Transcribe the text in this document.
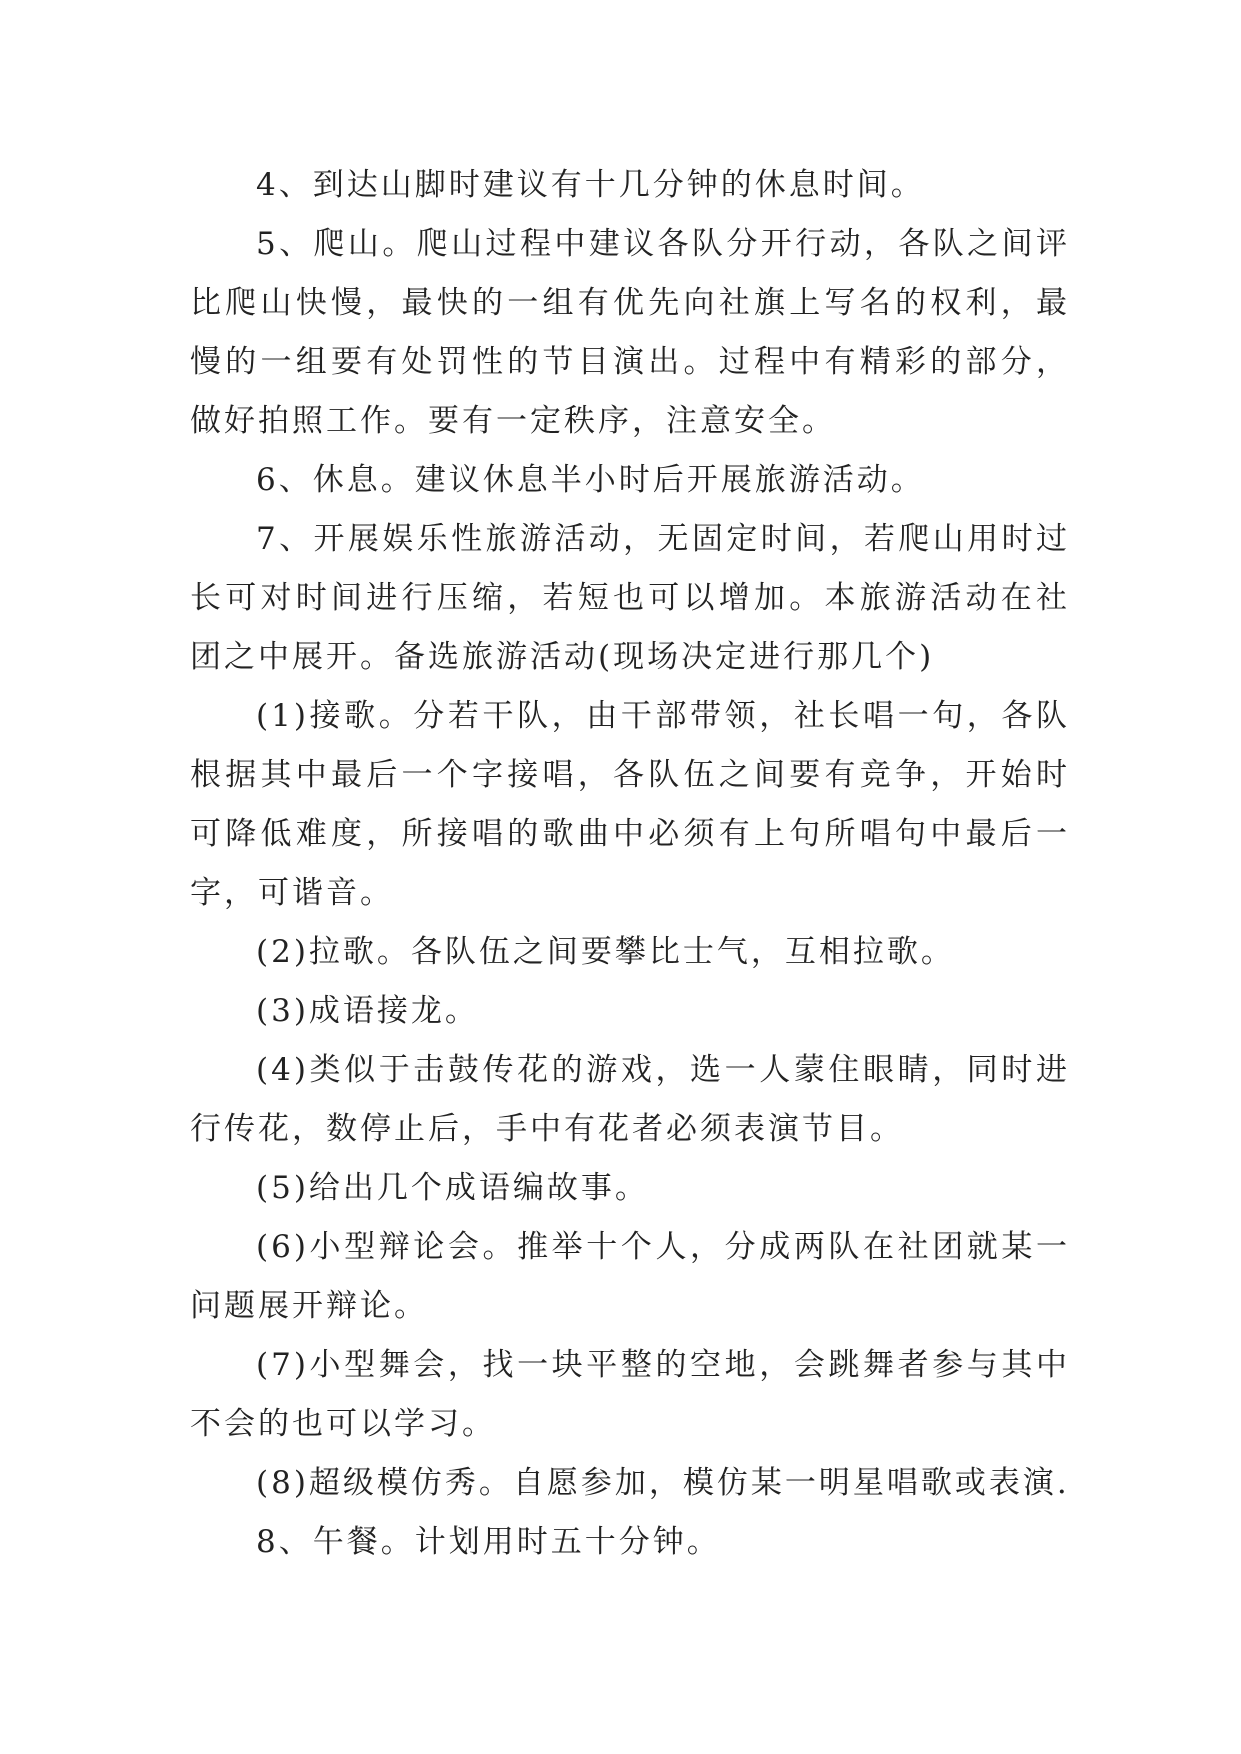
4、到达山脚时建议有十几分钟的休息时间。

5、爬山。爬山过程中建议各队分开行动，各队之间评比爬山快慢，最快的一组有优先向社旗上写名的权利，最慢的一组要有处罚性的节目演出。过程中有精彩的部分，做好拍照工作。要有一定秩序，注意安全。

6、休息。建议休息半小时后开展旅游活动。

7、开展娱乐性旅游活动，无固定时间，若爬山用时过长可对时间进行压缩，若短也可以增加。本旅游活动在社团之中展开。备选旅游活动(现场决定进行那几个)

(1)接歌。分若干队，由干部带领，社长唱一句，各队根据其中最后一个字接唱，各队伍之间要有竞争，开始时可降低难度，所接唱的歌曲中必须有上句所唱句中最后一字，可谐音。

(2)拉歌。各队伍之间要攀比士气，互相拉歌。

(3)成语接龙。

(4)类似于击鼓传花的游戏，选一人蒙住眼睛，同时进行传花，数停止后，手中有花者必须表演节目。

(5)给出几个成语编故事。

(6)小型辩论会。推举十个人，分成两队在社团就某一问题展开辩论。

(7)小型舞会，找一块平整的空地，会跳舞者参与其中不会的也可以学习。

(8)超级模仿秀。自愿参加，模仿某一明星唱歌或表演.

8、午餐。计划用时五十分钟。
